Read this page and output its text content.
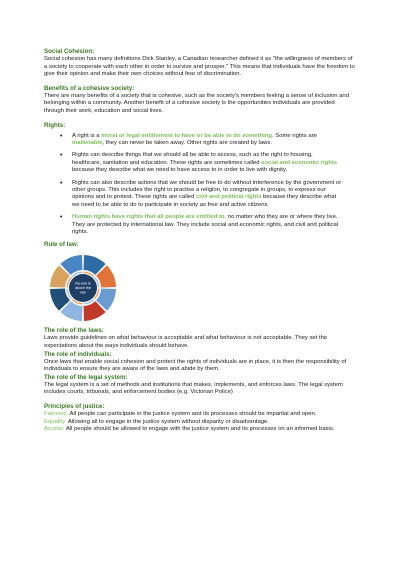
Social Cohesion:

Social cohesion has many definitions Dick Stanley, a Canadian researcher defined it as "the willingness of members of a society to cooperate with each other in order to survive and prosper." This means that individuals have the freedom to give their opinion and make their own choices without fear of discrimination.

Benefits of a cohesive society:

There are many benefits of a society that is cohesive, such as the society's members feeling a sense of inclusion and belonging within a community. Another benefit of a cohesive society is the opportunities individuals are provided through their work, education and social lives.

Rights:
• A right is a moral or legal entitlement to have or be able to do something. Some rights are inalienable, they can never be taken away. Other rights are created by laws.
• Rights can describe things that we should all be able to access, such as the right to housing, healthcare, sanitation and education. These rights are sometimes called social and economic rights because they describe what we need to have access to in order to live with dignity.
• Rights can also describe actions that we should be free to do without interference by the government or other groups. This includes the right to practise a religion, to congregate in groups, to express our opinions and to protest. These rights are called civil and political rights because they describe what we need to be able to do to participate in society as free and active citizens.
• Human rights have rights that all people are entitled to, no matter who they are or where they live. They are protected by international law. They include social and economic rights, and civil and political rights.
Rule of law:
No-one is
above the
law
The role of the laws:

Laws provide guidelines on what behaviour is acceptable and what behaviour is not acceptable. They set the expectations about the ways individuals should behave.

The role of individuals:

Once laws that enable social cohesion and protect the rights of individuals are in place, it is then the responsibility of individuals to ensure they are aware of the laws and abide by them.

The role of the legal system:

The legal system is a set of methods and institutions that makes, implements, and enforces laws. The legal system includes courts, tribunals, and enforcement bodies (e.g. Victorian Police)

Principles of justice:

Fairness: All people can participate in the justice system and its processes should be impartial and open.

Equality: Allowing all to engage in the justice system without disparity or disadvantage.

Access: All people should be allowed to engage with the justice system and its processes on an informed basis.
